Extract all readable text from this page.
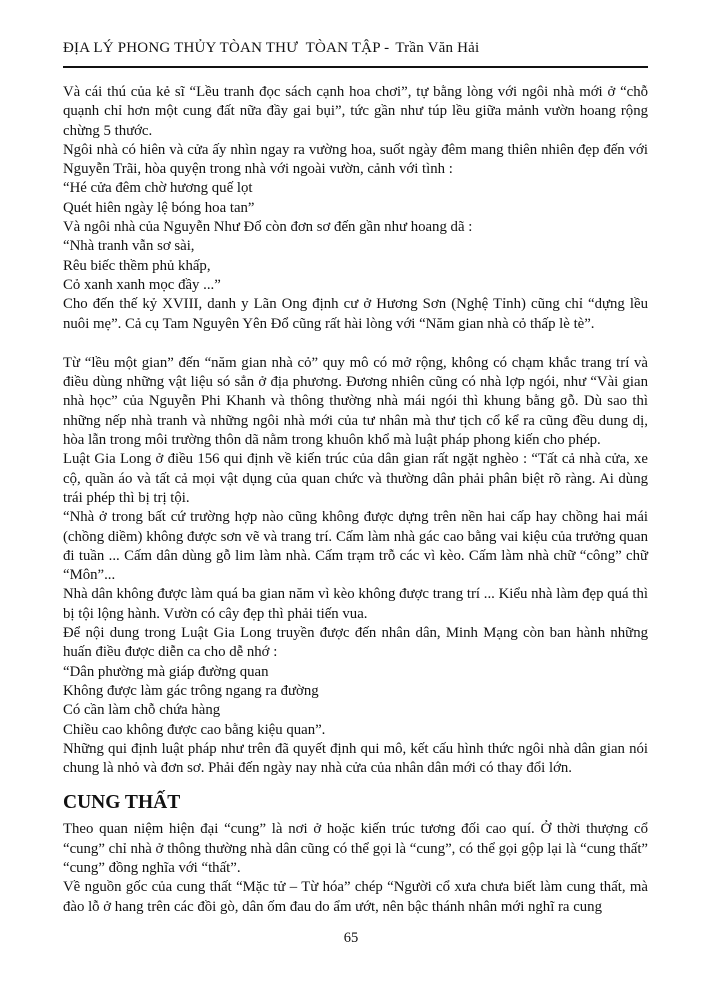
ĐỊA LÝ PHONG THỦY TÒAN THƯ  TÒAN TẬP - Trần Văn Hải
Và cái thú của kẻ sĩ “Lều tranh đọc sách cạnh hoa chơi”, tự bằng lòng với ngôi nhà mới ở “chỗ quạnh chỉ hơn một cung đất nữa đầy gai bụi”, tức gần như túp lều giữa mảnh vườn hoang rộng chừng 5 thước.
Ngôi nhà có hiên và cửa ấy nhìn ngay ra vường hoa, suốt ngày đêm mang thiên nhiên đẹp đến với Nguyễn Trãi, hòa quyện trong nhà với ngoài vườn, cảnh với tình :
“Hé cửa đêm chờ hương quế lọt
Quét hiên ngày lệ bóng hoa tan”
Và ngôi nhà của Nguyễn Như Đổ còn đơn sơ đến gần như hoang dã :
“Nhà tranh vẫn sơ sài,
Rêu biếc thềm phủ khấp,
Cỏ xanh xanh mọc đầy ...”
Cho đến thế kỷ XVIII, danh y Lãn Ong định cư ở Hương Sơn (Nghệ Tỉnh) cũng chỉ “dựng lều nuôi mẹ”. Cả cụ Tam Nguyên Yên Đổ cũng rất hài lòng với “Năm gian nhà cỏ thấp lè tè”.
Từ “lều một gian” đến “năm gian nhà cỏ” quy mô có mở rộng, không có chạm khắc trang trí và điều dùng những vật liệu só sẳn ở địa phương. Đương nhiên cũng có nhà lợp ngói, như “Vài gian nhà học” của Nguyễn Phi Khanh và thông thường nhà mái ngói thì khung bằng gỗ. Dù sao thì những nếp nhà tranh và những ngôi nhà mới của tư nhân mà thư tịch cổ kể ra cũng đều dung dị, hòa lẫn trong môi trường thôn dã nằm trong khuôn khổ mà luật pháp phong kiến cho phép.
Luật Gia Long ở điều 156 qui định về kiến trúc của dân gian rất ngặt nghèo : “Tất cả nhà cửa, xe cộ, quần áo và tất cả mọi vật dụng của quan chức và thường dân phải phân biệt rõ ràng. Ai dùng trái phép thì bị trị tội.
“Nhà ở trong bất cứ trường hợp nào cũng không được dựng trên nền hai cấp hay chồng hai mái (chồng diềm) không được sơn vẽ và trang trí. Cấm làm nhà gác cao bằng vai kiệu của trưởng quan đi tuần ... Cấm dân dùng gỗ lim làm nhà. Cấm trạm trỗ các vì kèo. Cấm làm nhà chữ “công” chữ “Môn”...
Nhà dân không được làm quá ba gian năm vì kèo không được trang trí ... Kiểu nhà làm đẹp quá thì bị tội lộng hành. Vườn có cây đẹp thì phải tiến vua.
Để nội dung trong Luật Gia Long truyền được đến nhân dân, Minh Mạng còn ban hành những huấn điều được diễn ca cho dễ nhớ :
“Dân phường mà giáp đường quan
Không được làm gác trông ngang ra đường
Có cần làm chỗ chứa hàng
Chiều cao không được cao bằng kiệu quan”.
Những qui định luật pháp như trên đã quyết định qui mô, kết cấu hình thức ngôi nhà dân gian nói chung là nhỏ và đơn sơ. Phải đến ngày nay nhà cửa của nhân dân mới có thay đổi lớn.
CUNG THẤT
Theo quan niệm hiện đại “cung” là nơi ở hoặc kiến trúc tương đối cao quí. Ở thời thượng cổ “cung” chỉ nhà ở thông thường nhà dân cũng có thể gọi là “cung”, có thể gọi gộp lại là “cung thất” “cung” đồng nghĩa với “thất”.
Về nguồn gốc của cung thất “Mặc tử – Từ hóa” chép “Người cổ xưa chưa biết làm cung thất, mà đào lỗ ở hang trên các đồi gò, dân ốm đau do ẩm ướt, nên bậc thánh nhân mới nghĩ ra cung
65
